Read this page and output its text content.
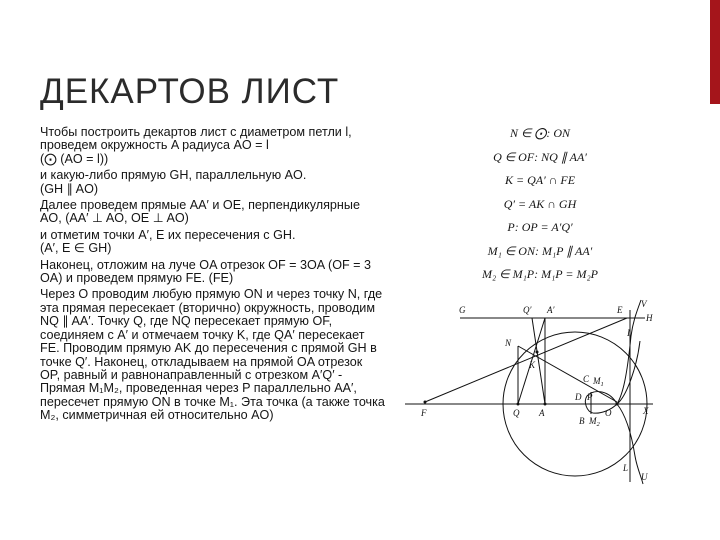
ДЕКАРТОВ ЛИСТ

Чтобы построить декартов лист с диаметром петли l, проведем окружность A радиуса AO = l
(⨀ (AO = l))

и какую-либо прямую GH, параллельную AO.
(GH ∥ AO)

Далее проведем прямые AA′ и OE, перпендикулярные AO, (AA′ ⊥ AO, OE ⊥ AO)

и отметим точки A′, E их пересечения с GH.
(A′, E ∈ GH)

Наконец, отложим на луче OA отрезок OF = 3OA (OF = 3 OA) и проведем прямую FE. (FE)

Через O проводим любую прямую ON и через точку N, где эта прямая пересекает (вторично) окружность, проводим NQ ∥ AA′. Точку Q, где NQ пересекает прямую OF, соединяем с A′ и отмечаем точку K, где QA′ пересекает FE. Проводим прямую AK до пересечения с прямой GH в точке Q′. Наконец, откладываем на прямой OA отрезок OP, равный и равнонаправленный с отрезком A′Q′ - Прямая M₁M₂, проведенная через P параллельно AA′, пересечет прямую ON в точке M₁. Эта точка (а также точка M₂, симметричная ей относительно AO)

N ∈ ⨀: ON
Q ∈ OF: NQ ∥ AA′
K = QA′ ∩ FE
Q′ = AK ∩ GH
P: OP = A′Q′
M₁ ∈ ON: M₁P ∥ AA′
M₂ ∈ M₁P: M₁P = M₂P
G	Q′ A′	E
V
H
N
K
I
C $M_1$
F	Q A
D P
O	X
B $M_2$
L
U
